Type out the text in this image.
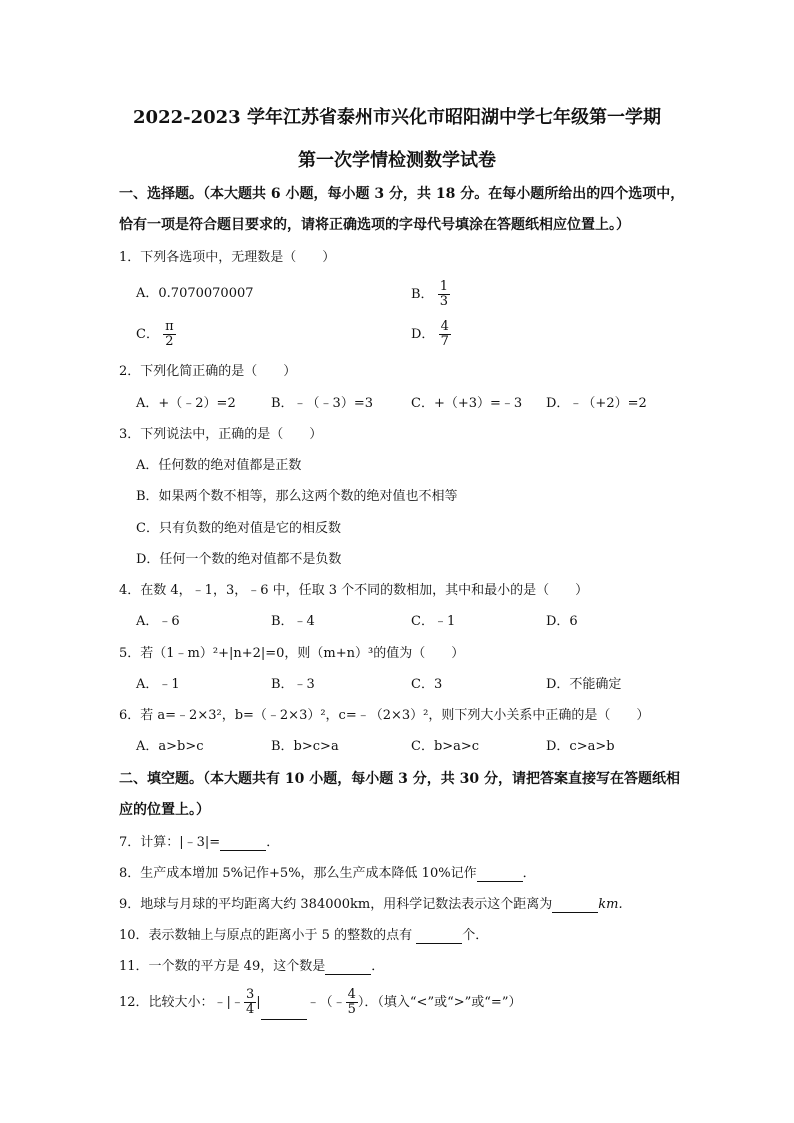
2022-2023 学年江苏省泰州市兴化市昭阳湖中学七年级第一学期
第一次学情检测数学试卷
一、选择题。（本大题共 6 小题，每小题 3 分，共 18 分。在每小题所给出的四个选项中，
恰有一项是符合题目要求的，请将正确选项的字母代号填涂在答题纸相应位置上。）
1．下列各选项中，无理数是（　　）
A．0.7070070007	B． $\frac{1}{3}$
C． $\frac{\pi}{2}$	D． $\frac{4}{7}$
2．下列化简正确的是（　　）
A．+（﹣2）=2	B．﹣（﹣3）=3	C．+（+3）=﹣3 D．﹣（+2）=2
3．下列说法中，正确的是（　　）
A．任何数的绝对值都是正数
B．如果两个数不相等，那么这两个数的绝对值也不相等
C．只有负数的绝对值是它的相反数
D．任何一个数的绝对值都不是负数
4．在数 4，﹣1，3，﹣6 中，任取 3 个不同的数相加，其中和最小的是（　　）
A．﹣6	B．﹣4	C．﹣1	D．6
5．若（1﹣m）²+|n+2|=0，则（m+n）³的值为（　　）
A．﹣1	B．﹣3	C．3	D．不能确定
6．若 a=﹣2×3²，b=（﹣2×3）²，c=﹣（2×3）²，则下列大小关系中正确的是（　　）
A．a>b>c	B．b>c>a	C．b>a>c	D．c>a>b
二、填空题。（本大题共有 10 小题，每小题 3 分，共 30 分，请把答案直接写在答题纸相
应的位置上。）
7．计算：|﹣3|=	．
8．生产成本增加 5%记作+5%，那么生产成本降低 10%记作	．
9．地球与月球的平均距离大约 384000km，用科学记数法表示这个距离为	km.
10．表示数轴上与原点的距离小于 5 的整数的点有	个．
11．一个数的平方是 49，这个数是	．
12．比较大小：﹣|﹣ $\frac{3}{4}$ |	﹣（﹣ $\frac{4}{5}$ ）．（填入“<”或“>”或“=”）
